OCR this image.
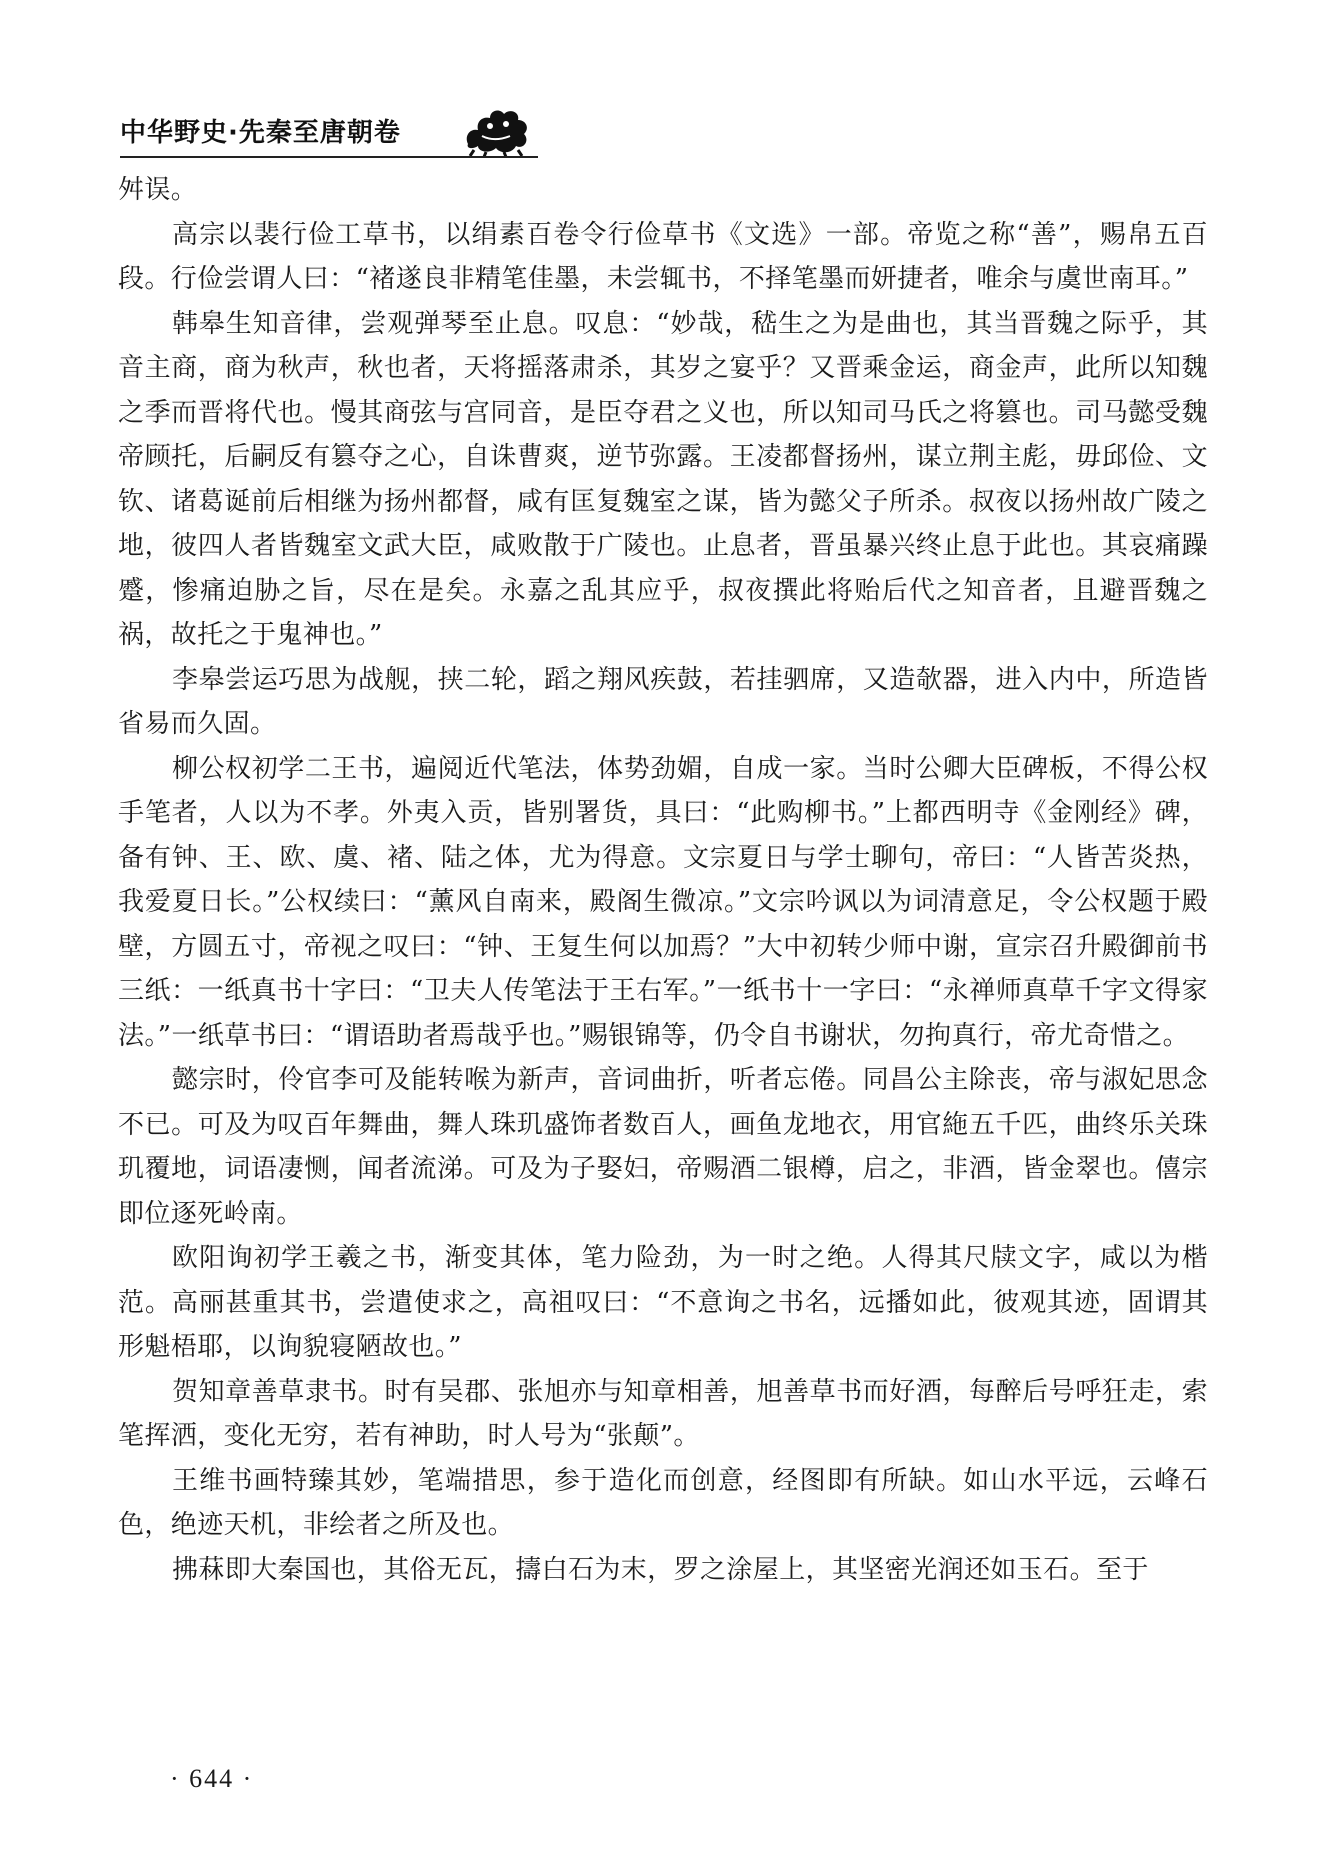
中华野史·先秦至唐朝卷

舛误。

高宗以裴行俭工草书，以绢素百卷令行俭草书《文选》一部。帝览之称“善”，赐帛五百段。行俭尝谓人曰：“褚遂良非精笔佳墨，未尝辄书，不择笔墨而妍捷者，唯余与虞世南耳。”

韩皋生知音律，尝观弹琴至止息。叹息：“妙哉，嵇生之为是曲也，其当晋魏之际乎，其音主商，商为秋声，秋也者，天将摇落肃杀，其岁之宴乎？又晋乘金运，商金声，此所以知魏之季而晋将代也。慢其商弦与宫同音，是臣夺君之义也，所以知司马氏之将篡也。司马懿受魏帝顾托，后嗣反有篡夺之心，自诛曹爽，逆节弥露。王凌都督扬州，谋立荆主彪，毋邱俭、文钦、诸葛诞前后相继为扬州都督，咸有匡复魏室之谋，皆为懿父子所杀。叔夜以扬州故广陵之地，彼四人者皆魏室文武大臣，咸败散于广陵也。止息者，晋虽暴兴终止息于此也。其哀痛躁蹙，惨痛迫胁之旨，尽在是矣。永嘉之乱其应乎，叔夜撰此将贻后代之知音者，且避晋魏之祸，故托之于鬼神也。”

李皋尝运巧思为战舰，挟二轮，蹈之翔风疾鼓，若挂驷席，又造欹器，进入内中，所造皆省易而久固。

柳公权初学二王书，遍阅近代笔法，体势劲媚，自成一家。当时公卿大臣碑板，不得公权手笔者，人以为不孝。外夷入贡，皆别署货，具曰：“此购柳书。”上都西明寺《金刚经》碑，备有钟、王、欧、虞、褚、陆之体，尤为得意。文宗夏日与学士聊句，帝曰：“人皆苦炎热，我爱夏日长。”公权续曰：“薰风自南来，殿阁生微凉。”文宗吟讽以为词清意足，令公权题于殿壁，方圆五寸，帝视之叹曰：“钟、王复生何以加焉？”大中初转少师中谢，宣宗召升殿御前书三纸：一纸真书十字曰：“卫夫人传笔法于王右军。”一纸书十一字曰：“永禅师真草千字文得家法。”一纸草书曰：“谓语助者焉哉乎也。”赐银锦等，仍令自书谢状，勿拘真行，帝尤奇惜之。

懿宗时，伶官李可及能转喉为新声，音词曲折，听者忘倦。同昌公主除丧，帝与淑妃思念不已。可及为叹百年舞曲，舞人珠玑盛饰者数百人，画鱼龙地衣，用官絁五千匹，曲终乐关珠玑覆地，词语凄恻，闻者流涕。可及为子娶妇，帝赐酒二银樽，启之，非酒，皆金翠也。僖宗即位逐死岭南。

欧阳询初学王羲之书，渐变其体，笔力险劲，为一时之绝。人得其尺牍文字，咸以为楷范。高丽甚重其书，尝遣使求之，高祖叹曰：“不意询之书名，远播如此，彼观其迹，固谓其形魁梧耶，以询貌寝陋故也。”

贺知章善草隶书。时有吴郡、张旭亦与知章相善，旭善草书而好酒，每醉后号呼狂走，索笔挥洒，变化无穷，若有神助，时人号为“张颠”。

王维书画特臻其妙，笔端措思，参于造化而创意，经图即有所缺。如山水平远，云峰石色，绝迹天机，非绘者之所及也。

拂菻即大秦国也，其俗无瓦，擣白石为末，罗之涂屋上，其坚密光润还如玉石。至于

· 644 ·
